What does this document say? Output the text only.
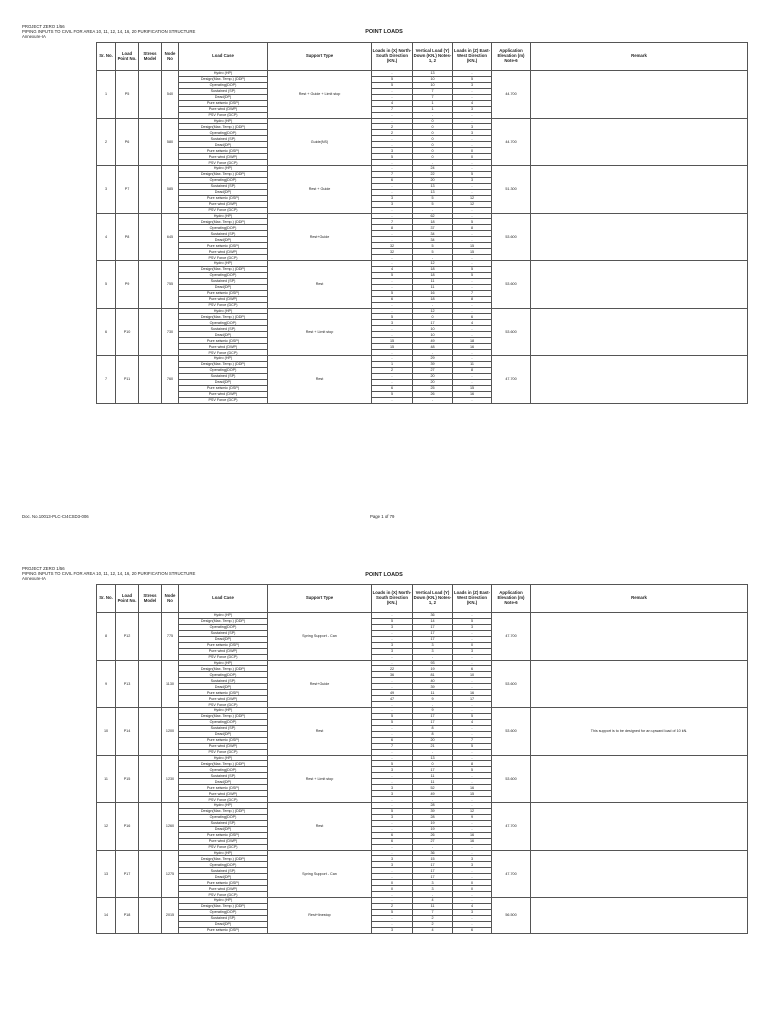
PROJECT ZERO 1/56
PIPING INPUTS TO CIVIL FOR AREA 10, 11, 12, 14, 16, 20 PURIFICATION STRUCTURE
Annexure-IA
POINT LOADS
Sr. No.	Load Point No.	Stress Model	Node No	Load Case	Support Type	Loads in (X) North-South Direction (KN.)	Vertical Load (Y) Down (KN.) Notes-1, 2	Loads in (Z) East-West Direction (KN.)	Application Elevation (m) Note-6	Remark
1	P5		540	Hydro (HP)	Rest + Guide + Limit stop	-	13	-	44.700	
				Design(Max. Temp.) (DDP)		5	10	5		
				Operating(DOP)		5	10	3		
				Sustained (SP)		-	7	-		
				Dead(DP)		-	7	-		
				Pure seismic (DSP)		4	1	4		
				Pure wind (DWP)		7	1	3		
				PSV Force (DCP)		-	-	-		
2	P6		580	Hydro (HP)	Guide(NS)	-	0	-	44.700	
				Design(Max. Temp.) (DDP)		2	0	3		
				Operating(DOP)		2	0	3		
				Sustained (SP)		-	0	-		
				Dead(DP)		-	0	-		
				Pure seismic (DSP)		3	0	0		
				Pure wind (DWP)		5	0	0		
				PSV Force (DCP)		-	-	-		
3	P7		585	Hydro (HP)	Rest + Guide	-	24	-	51.300	
				Design(Max. Temp.) (DDP)		7	22	5		
				Operating(DOP)		6	20	3		
				Sustained (SP)		-	13	-		
				Dead(DP)		-	13	-		
				Pure seismic (DSP)		3	5	12		
				Pure wind (DWP)		3	5	12		
				PSV Force (DCP)		-	-	-		
4	P8		645	Hydro (HP)	Rest+Guide	-	62	-	53.600	
				Design(Max. Temp.) (DDP)		7	18	5		
				Operating(DOP)		8	37	8		
				Sustained (SP)		-	34	-		
				Dead(DP)		-	34	-		
				Pure seismic (DSP)		32	5	15		
				Pure wind (DWP)		32	5	15		
				PSV Force (DCP)		-	-	-		
5	P9		755	Hydro (HP)	Rest	-	12	-	53.600	
				Design(Max. Temp.) (DDP)		4	18	5		
				Operating(DOP)		5	18	5		
				Sustained (SP)		-	11	-		
				Dead(DP)		-	11	-		
				Pure seismic (DSP)		5	16	7		
				Pure wind (DWP)		6	18	8		
				PSV Force (DCP)		-	-	-		
6	P10		730	Hydro (HP)	Rest + Limit stop	-	12	-	53.600	
				Design(Max. Temp.) (DDP)		5	0	6		
				Operating(DOP)		3	17	4		
				Sustained (SP)		-	10	-		
				Dead(DP)		-	10	-		
				Pure seismic (DSP)		15	49	18		
				Pure wind (DWP)		15	48	16		
				PSV Force (DCP)		-	-	-		
7	P11		760	Hydro (HP)	Rest	-	29	-	47.700	
				Design(Max. Temp.) (DDP)		1	39	11		
				Operating(DOP)		2	27	8		
				Sustained (SP)		-	20	-		
				Dead(DP)		-	20	-		
				Pure seismic (DSP)		6	25	15		
				Pure wind (DWP)		5	26	16		
				PSV Force (DCP)		-	-	-		
Doc. No.10013-PLC-CI4CSD3-006	Page 1 of 79
PROJECT ZERO 1/56
PIPING INPUTS TO CIVIL FOR AREA 10, 11, 12, 14, 16, 20 PURIFICATION STRUCTURE
Annexure-IA
POINT LOADS
Sr. No.	Load Point No.	Stress Model	Node No	Load Case	Support Type	Loads in (X) North-South Direction (KN.)	Vertical Load (Y) Down (KN.) Notes-1, 2	Loads in (Z) East-West Direction (KN.)	Application Elevation (m) Note-6	Remark
8	P12		775	Hydro (HP)	Spring Support - Can	-	36	-	47.700	
				Design(Max. Temp.) (DDP)		5	14	5		
				Operating(DOP)		3	17	3		
				Sustained (SP)		-	17	-		
				Dead(DP)		-	17	-		
				Pure seismic (DSP)		3	3	0		
				Pure wind (DWP)		3	3	3		
				PSV Force (DCP)		-	-	-		
9	P13		1130	Hydro (HP)	Rest+Guide	-	93	-	53.600	
				Design(Max. Temp.) (DDP)		22	19	6		
				Operating(DOP)		36	81	10		
				Sustained (SP)		-	40	-		
				Dead(DP)		-	39	-		
				Pure seismic (DSP)		49	11	16		
				Pure wind (DWP)		47	9	17		
				PSV Force (DCP)		-	-	-		
10	P14		1200	Hydro (HP)	Rest	-	9	-	53.600	This support is to be designed for an upward load of 10 kN.
				Design(Max. Temp.) (DDP)		5	17	5		
				Operating(DOP)		5	17	4		
				Sustained (SP)		-	8	-		
				Dead(DP)		-	8	-		
				Pure seismic (DSP)		6	20	7		
				Pure wind (DWP)		7	21	5		
				PSV Force (DCP)		-	-	-		
11	P15		1230	Hydro (HP)	Rest + Limit stop	-	13	-	53.600	
				Design(Max. Temp.) (DDP)		5	0	8		
				Operating(DOP)		3	17	5		
				Sustained (SP)		-	11	-		
				Dead(DP)		-	11	-		
				Pure seismic (DSP)		3	52	16		
				Pure wind (DWP)		3	49	15		
				PSV Force (DCP)		-	-	-		
12	P16		1260	Hydro (HP)	Rest	-	28	-	47.700	
				Design(Max. Temp.) (DDP)		5	39	12		
				Operating(DOP)		3	28	9		
				Sustained (SP)		-	19	-		
				Dead(DP)		-	19	-		
				Pure seismic (DSP)		6	26	16		
				Pure wind (DWP)		6	27	16		
				PSV Force (DCP)		-	-	-		
13	P17		1275	Hydro (HP)	Spring Support - Can	-	36	-	47.700	
				Design(Max. Temp.) (DDP)		3	15	3		
				Operating(DOP)		3	17	3		
				Sustained (SP)		-	17	-		
				Dead(DP)		-	17	-		
				Pure seismic (DSP)		0	3	0		
				Pure wind (DWP)		0	3	0		
				PSV Force (DCP)		-	-	-		
14	P18		2015	Hydro (HP)	Rest+linestop	-	4	-	56.500	
				Design(Max. Temp.) (DDP)		2	11	4		
				Operating(DOP)		5	7	3		
				Sustained (SP)		-	2	-		
				Dead(DP)		-	2	-		
				Pure seismic (DSP)		3	4	6		
